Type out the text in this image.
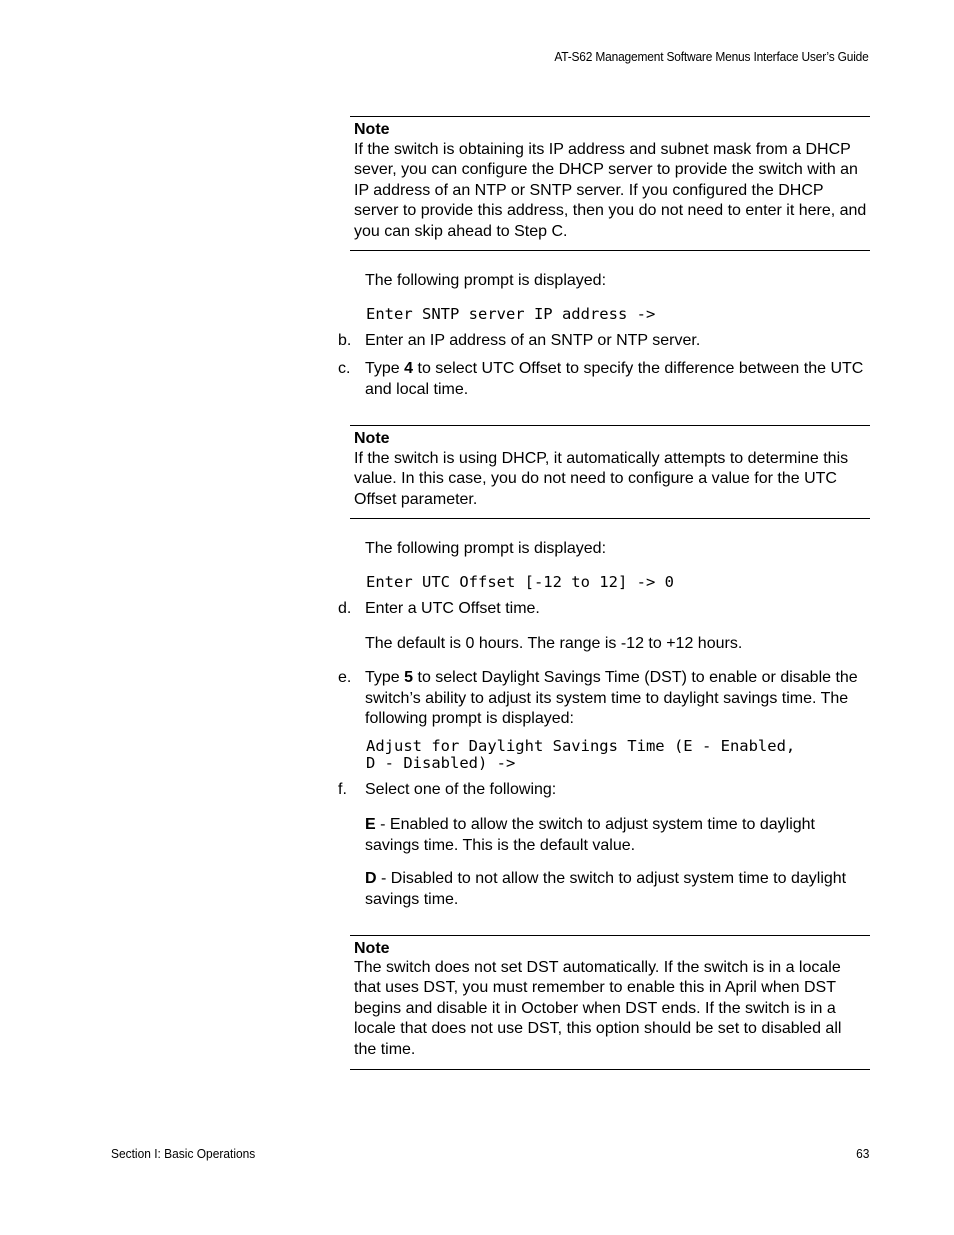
AT-S62 Management Software Menus Interface User’s Guide
Note
If the switch is obtaining its IP address and subnet mask from a DHCP sever, you can configure the DHCP server to provide the switch with an IP address of an NTP or SNTP server. If you configured the DHCP server to provide this address, then you do not need to enter it here, and you can skip ahead to Step C.
The following prompt is displayed:
Enter SNTP server IP address ->
b. Enter an IP address of an SNTP or NTP server.
c. Type 4 to select UTC Offset to specify the difference between the UTC and local time.
Note
If the switch is using DHCP, it automatically attempts to determine this value. In this case, you do not need to configure a value for the UTC Offset parameter.
The following prompt is displayed:
Enter UTC Offset [-12 to 12] -> 0
d. Enter a UTC Offset time.
The default is 0 hours. The range is -12 to +12 hours.
e. Type 5 to select Daylight Savings Time (DST) to enable or disable the switch’s ability to adjust its system time to daylight savings time. The following prompt is displayed:
Adjust for Daylight Savings Time (E - Enabled,
D - Disabled) ->
f. Select one of the following:
E - Enabled to allow the switch to adjust system time to daylight savings time. This is the default value.
D - Disabled to not allow the switch to adjust system time to daylight savings time.
Note
The switch does not set DST automatically. If the switch is in a locale that uses DST, you must remember to enable this in April when DST begins and disable it in October when DST ends. If the switch is in a locale that does not use DST, this option should be set to disabled all the time.
Section I: Basic Operations	63
